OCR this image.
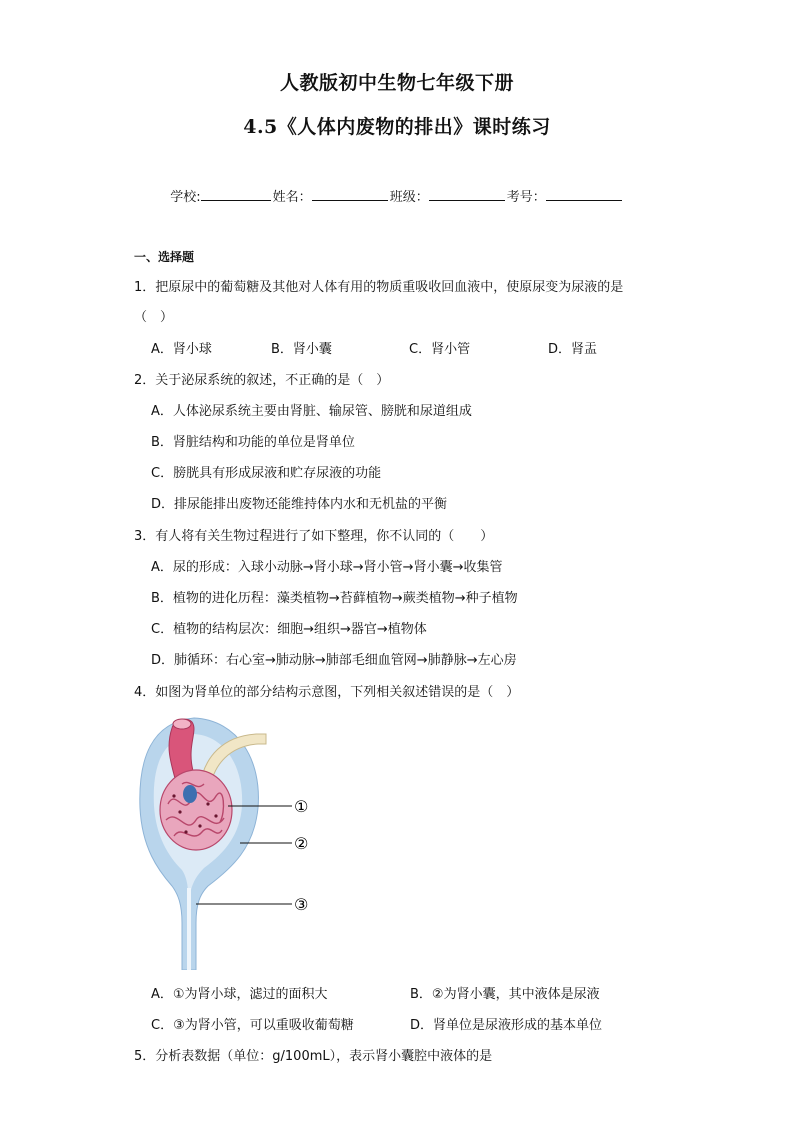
人教版初中生物七年级下册
4.5《人体内废物的排出》课时练习
学校:	姓名：	班级：	考号：
一、选择题
1．把原尿中的葡萄糖及其他对人体有用的物质重吸收回血液中，使原尿变为尿液的是
（　）
A．肾小球	B．肾小囊	C．肾小管	D．肾盂
2．关于泌尿系统的叙述，不正确的是（　）
A．人体泌尿系统主要由肾脏、输尿管、膀胱和尿道组成
B．肾脏结构和功能的单位是肾单位
C．膀胱具有形成尿液和贮存尿液的功能
D．排尿能排出废物还能维持体内水和无机盐的平衡
3．有人将有关生物过程进行了如下整理，你不认同的（　　）
A．尿的形成：入球小动脉→肾小球→肾小管→肾小囊→收集管
B．植物的进化历程：藻类植物→苔藓植物→蕨类植物→种子植物
C．植物的结构层次：细胞→组织→器官→植物体
D．肺循环：右心室→肺动脉→肺部毛细血管网→肺静脉→左心房
4．如图为肾单位的部分结构示意图，下列相关叙述错误的是（　）
①
②
③
A．①为肾小球，滤过的面积大	B．②为肾小囊，其中液体是尿液
C．③为肾小管，可以重吸收葡萄糖	D．肾单位是尿液形成的基本单位
5．分析表数据（单位：g/100mL），表示肾小囊腔中液体的是
